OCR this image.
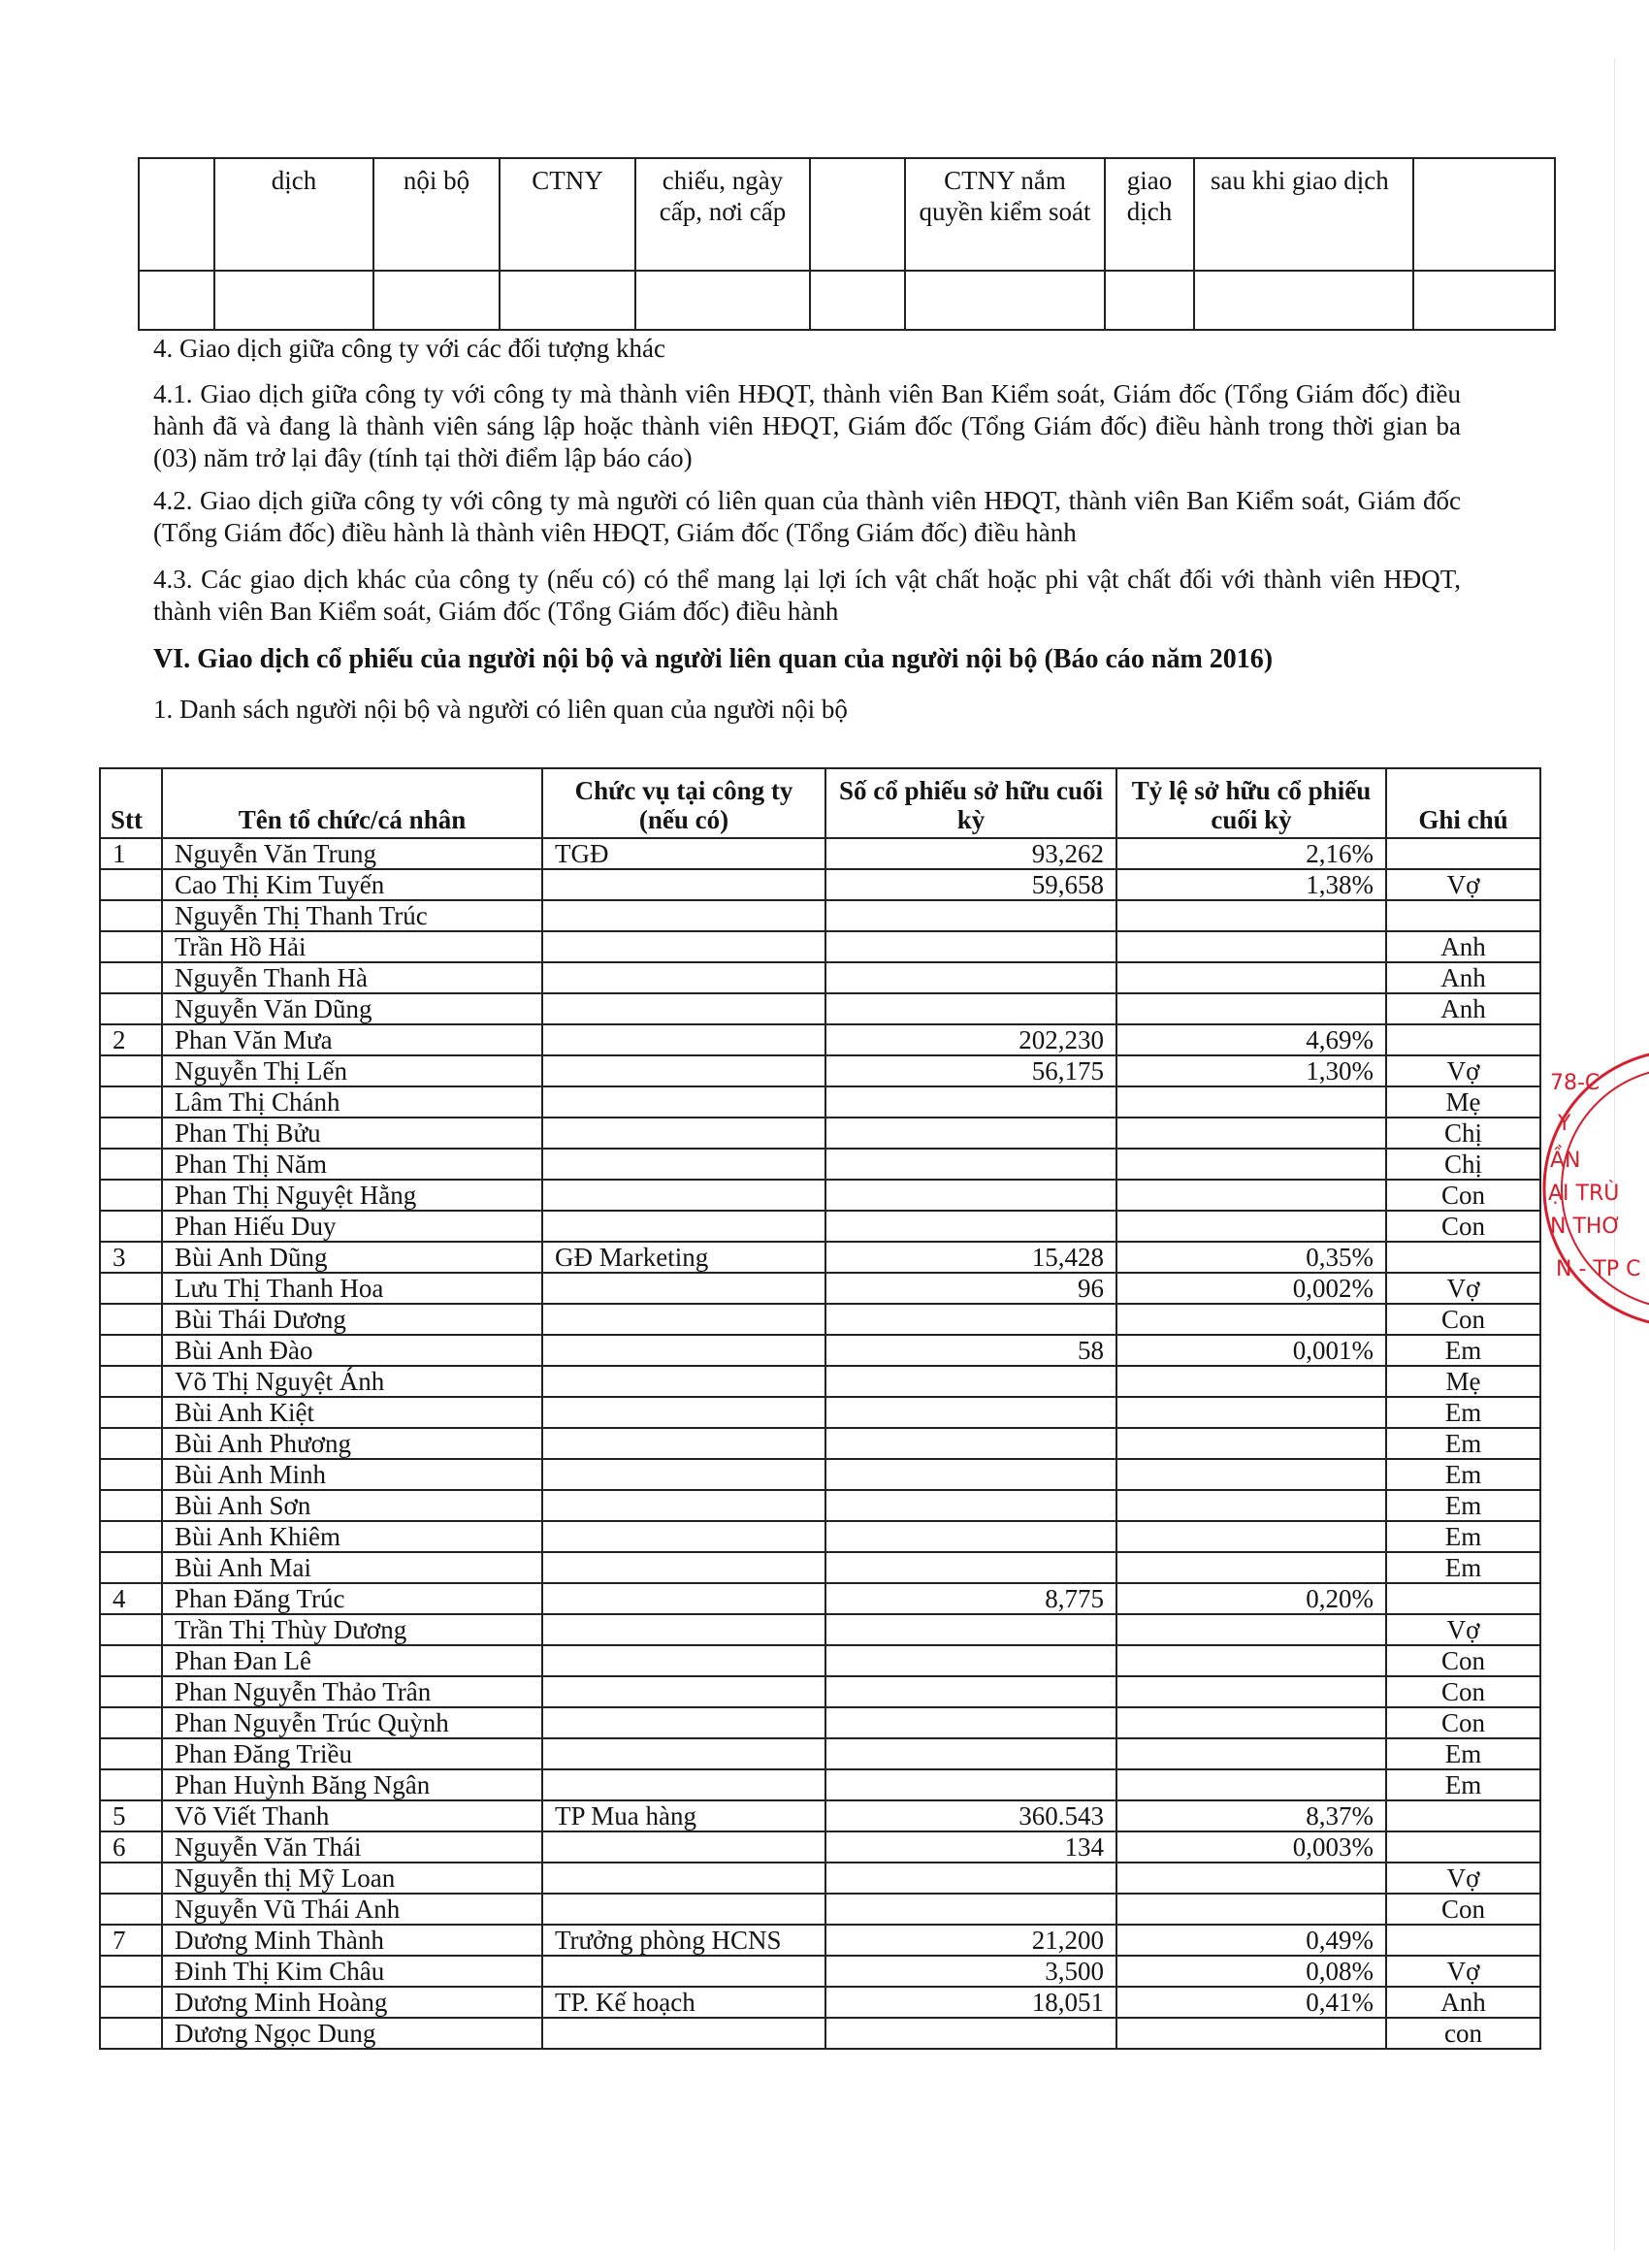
	dịch	nội bộ	CTNY	chiếu, ngày cấp, nơi cấp		CTNY nắm quyền kiểm soát	giao dịch	sau khi giao dịch	

4. Giao dịch giữa công ty với các đối tượng khác
4.1. Giao dịch giữa công ty với công ty mà thành viên HĐQT, thành viên Ban Kiểm soát, Giám đốc (Tổng Giám đốc) điều hành đã và đang là thành viên sáng lập hoặc thành viên HĐQT, Giám đốc (Tổng Giám đốc) điều hành trong thời gian ba (03) năm trở lại đây (tính tại thời điểm lập báo cáo)
4.2. Giao dịch giữa công ty với công ty mà người có liên quan của thành viên HĐQT, thành viên Ban Kiểm soát, Giám đốc (Tổng Giám đốc) điều hành là thành viên HĐQT, Giám đốc (Tổng Giám đốc) điều hành
4.3. Các giao dịch khác của công ty (nếu có) có thể mang lại lợi ích vật chất hoặc phi vật chất đối với thành viên HĐQT, thành viên Ban Kiểm soát, Giám đốc (Tổng Giám đốc) điều hành
VI. Giao dịch cổ phiếu của người nội bộ và người liên quan của người nội bộ (Báo cáo năm 2016)
1. Danh sách người nội bộ và người có liên quan của người nội bộ
Stt	Tên tổ chức/cá nhân	Chức vụ tại công ty (nếu có)	Số cổ phiếu sở hữu cuối kỳ	Tỷ lệ sở hữu cổ phiếu cuối kỳ	Ghi chú
1	Nguyễn Văn Trung	TGĐ	93,262	2,16%	
	Cao Thị Kim Tuyến		59,658	1,38%	Vợ
	Nguyễn Thị Thanh Trúc				
	Trần Hồ Hải				Anh
	Nguyễn Thanh Hà				Anh
	Nguyễn Văn Dũng				Anh
2	Phan Văn Mưa		202,230	4,69%	
	Nguyễn Thị Lến		56,175	1,30%	Vợ
	Lâm Thị Chánh				Mẹ
	Phan Thị Bửu				Chị
	Phan Thị Năm				Chị
	Phan Thị Nguyệt Hằng				Con
	Phan Hiếu Duy				Con
3	Bùi Anh Dũng	GĐ Marketing	15,428	0,35%	
	Lưu Thị Thanh Hoa		96	0,002%	Vợ
	Bùi Thái Dương				Con
	Bùi Anh Đào		58	0,001%	Em
	Võ Thị Nguyệt Ánh				Mẹ
	Bùi Anh Kiệt				Em
	Bùi Anh Phương				Em
	Bùi Anh Minh				Em
	Bùi Anh Sơn				Em
	Bùi Anh Khiêm				Em
	Bùi Anh Mai				Em
4	Phan Đăng Trúc		8,775	0,20%	
	Trần Thị Thùy Dương				Vợ
	Phan Đan Lê				Con
	Phan Nguyễn Thảo Trân				Con
	Phan Nguyễn Trúc Quỳnh				Con
	Phan Đăng Triều				Em
	Phan Huỳnh Băng Ngân				Em
5	Võ Viết Thanh	TP Mua hàng	360.543	8,37%	
6	Nguyễn Văn Thái		134	0,003%	
	Nguyễn thị Mỹ Loan				Vợ
	Nguyễn Vũ Thái Anh				Con
7	Dương Minh Thành	Trưởng phòng HCNS	21,200	0,49%	
	Đinh Thị Kim Châu		3,500	0,08%	Vợ
	Dương Minh Hoàng	TP. Kế hoạch	18,051	0,41%	Anh
	Dương Ngọc Dung				con
78-C
Y
ẦN
ẠI TRÙ
N THƠ
N - TP C
